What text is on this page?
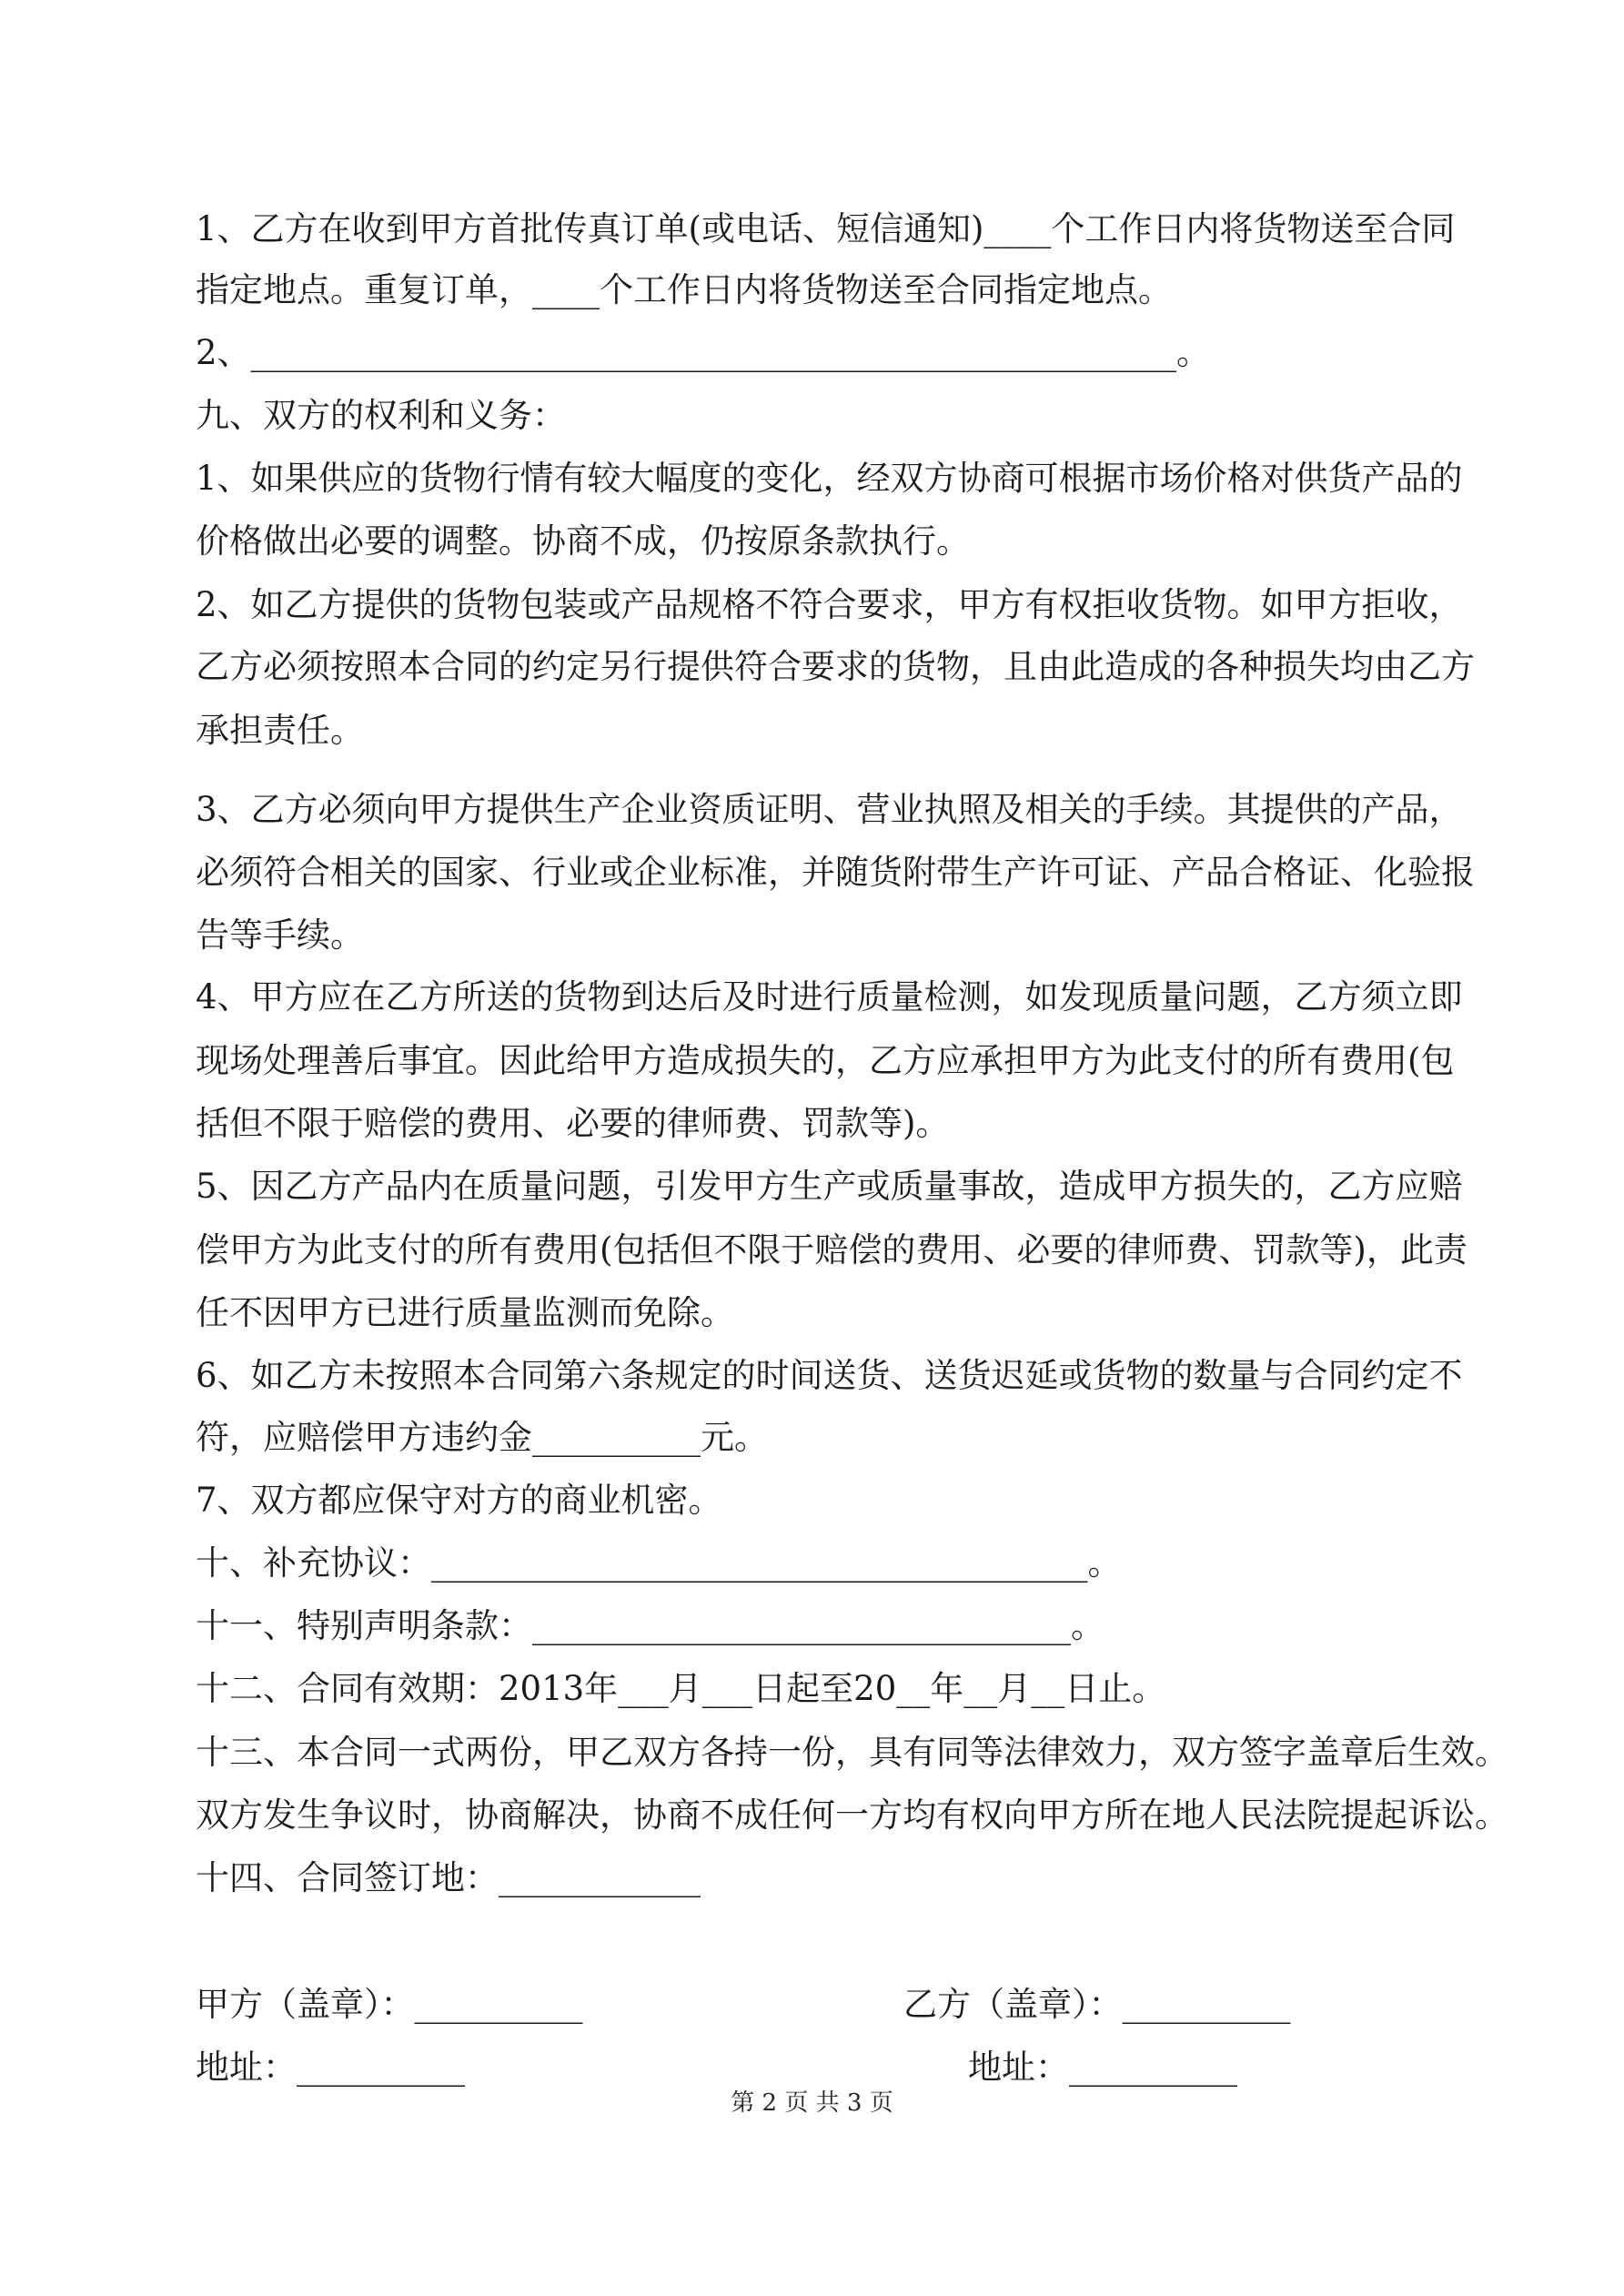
1、乙方在收到甲方首批传真订单(或电话、短信通知)____个工作日内将货物送至合同

指定地点。重复订单，____个工作日内将货物送至合同指定地点。

2、_______________________________________________________。

九、双方的权利和义务：

1、如果供应的货物行情有较大幅度的变化，经双方协商可根据市场价格对供货产品的

价格做出必要的调整。协商不成，仍按原条款执行。

2、如乙方提供的货物包装或产品规格不符合要求，甲方有权拒收货物。如甲方拒收，

乙方必须按照本合同的约定另行提供符合要求的货物，且由此造成的各种损失均由乙方

承担责任。

3、乙方必须向甲方提供生产企业资质证明、营业执照及相关的手续。其提供的产品，

必须符合相关的国家、行业或企业标准，并随货附带生产许可证、产品合格证、化验报

告等手续。

4、甲方应在乙方所送的货物到达后及时进行质量检测，如发现质量问题，乙方须立即

现场处理善后事宜。因此给甲方造成损失的，乙方应承担甲方为此支付的所有费用(包

括但不限于赔偿的费用、必要的律师费、罚款等)。

5、因乙方产品内在质量问题，引发甲方生产或质量事故，造成甲方损失的，乙方应赔

偿甲方为此支付的所有费用(包括但不限于赔偿的费用、必要的律师费、罚款等)，此责

任不因甲方已进行质量监测而免除。

6、如乙方未按照本合同第六条规定的时间送货、送货迟延或货物的数量与合同约定不

符，应赔偿甲方违约金__________元。

7、双方都应保守对方的商业机密。

十、补充协议：_______________________________________。

十一、特别声明条款：________________________________。

十二、合同有效期：2013年___月___日起至20__年__月__日止。

十三、本合同一式两份，甲乙双方各持一份，具有同等法律效力，双方签字盖章后生效。

双方发生争议时，协商解决，协商不成任何一方均有权向甲方所在地人民法院提起诉讼。

十四、合同签订地：____________

甲方（盖章）：__________	乙方（盖章）：__________

地址：__________	地址：__________

第 2 页 共 3 页
